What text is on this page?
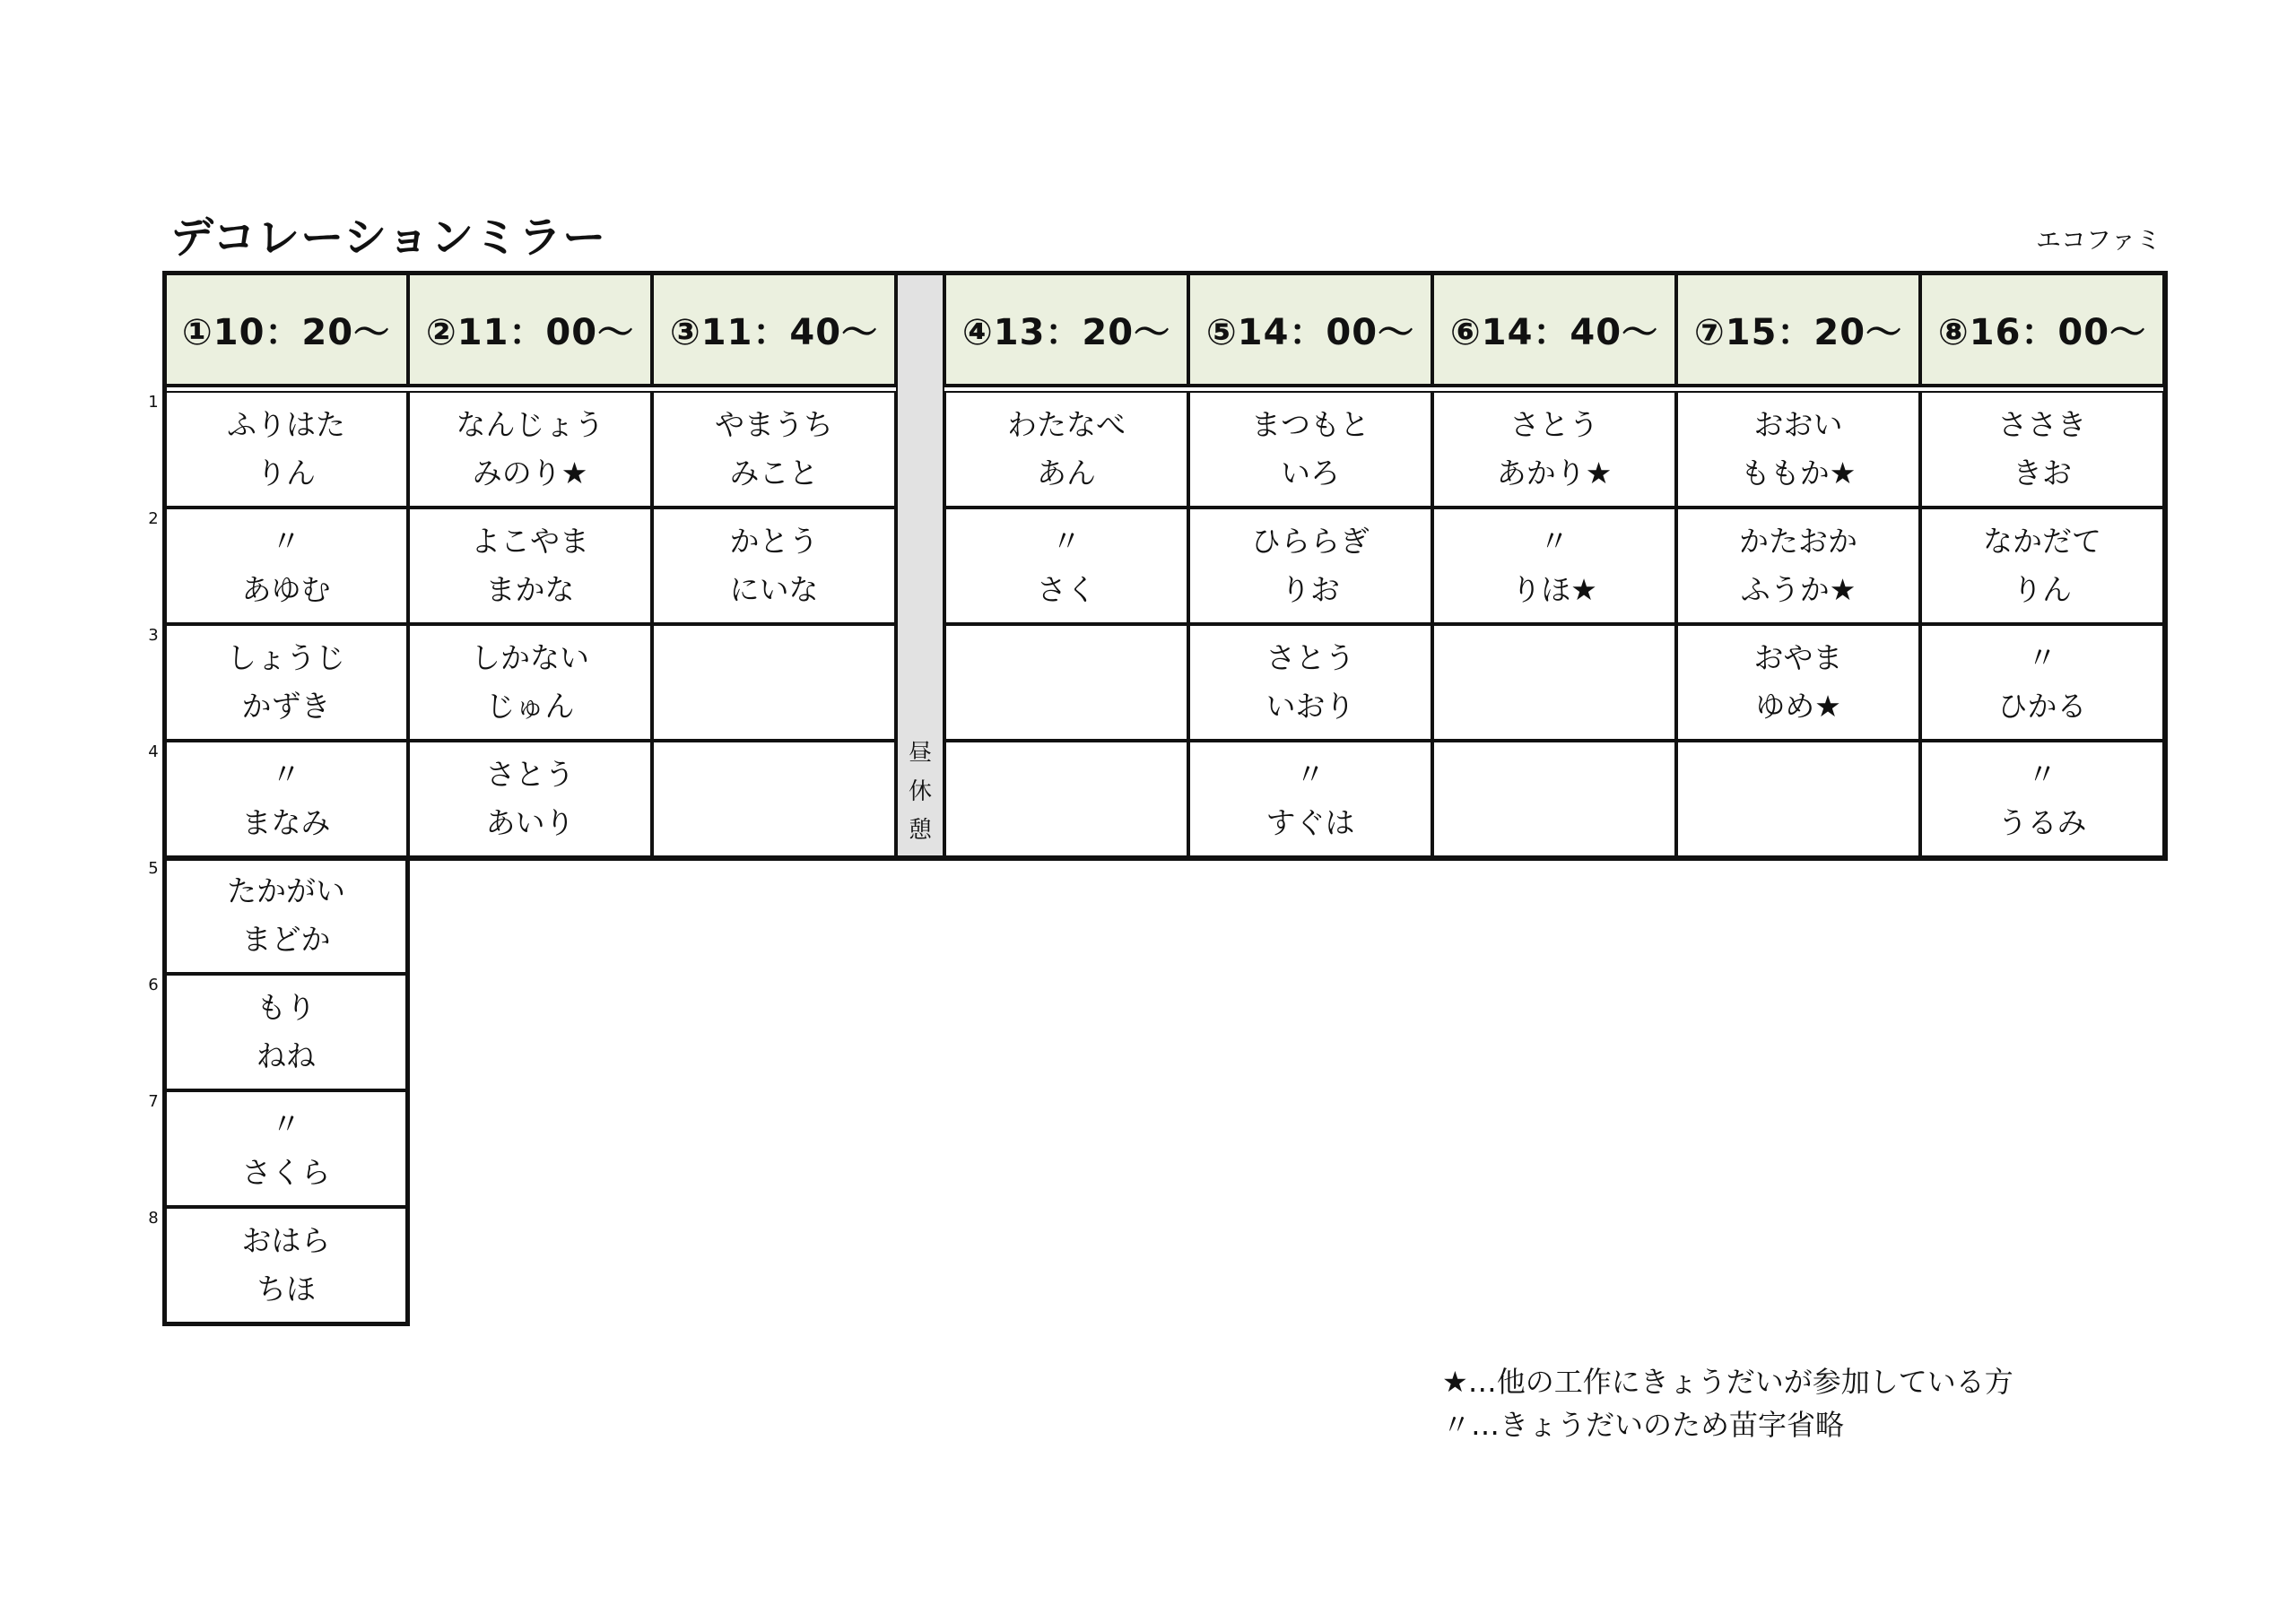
デコレーションミラー	エコファミ
①10：20～ ②11：00～ ③11：40～	④13：20～ ⑤14：00～ ⑥14：40～ ⑦15：20～ ⑧16：00～
ふりはた
りん
〃
あゆむ
しょうじ
かずき
〃
まなみ
たかがい
まどか
もり
ねね
〃
さくら
おはら
ちほ
なんじょう
みのり★
よこやま
まかな
しかない
じゅん
さとう
あいり
やまうち
みこと
かとう
にいな
わたなべ
あん
〃
さく
まつもと
いろ
ひららぎ
りお
さとう
いおり
〃
すぐは
さとう
あかり★
〃
りほ★
おおい
ももか★
かたおか
ふうか★
おやま
ゆめ★
ささき
きお
なかだて
りん
〃
ひかる
〃
うるみ
昼
休
憩
1
2
3
4
5
6
7
8
★…他の工作にきょうだいが参加している方
〃…きょうだいのため苗字省略
